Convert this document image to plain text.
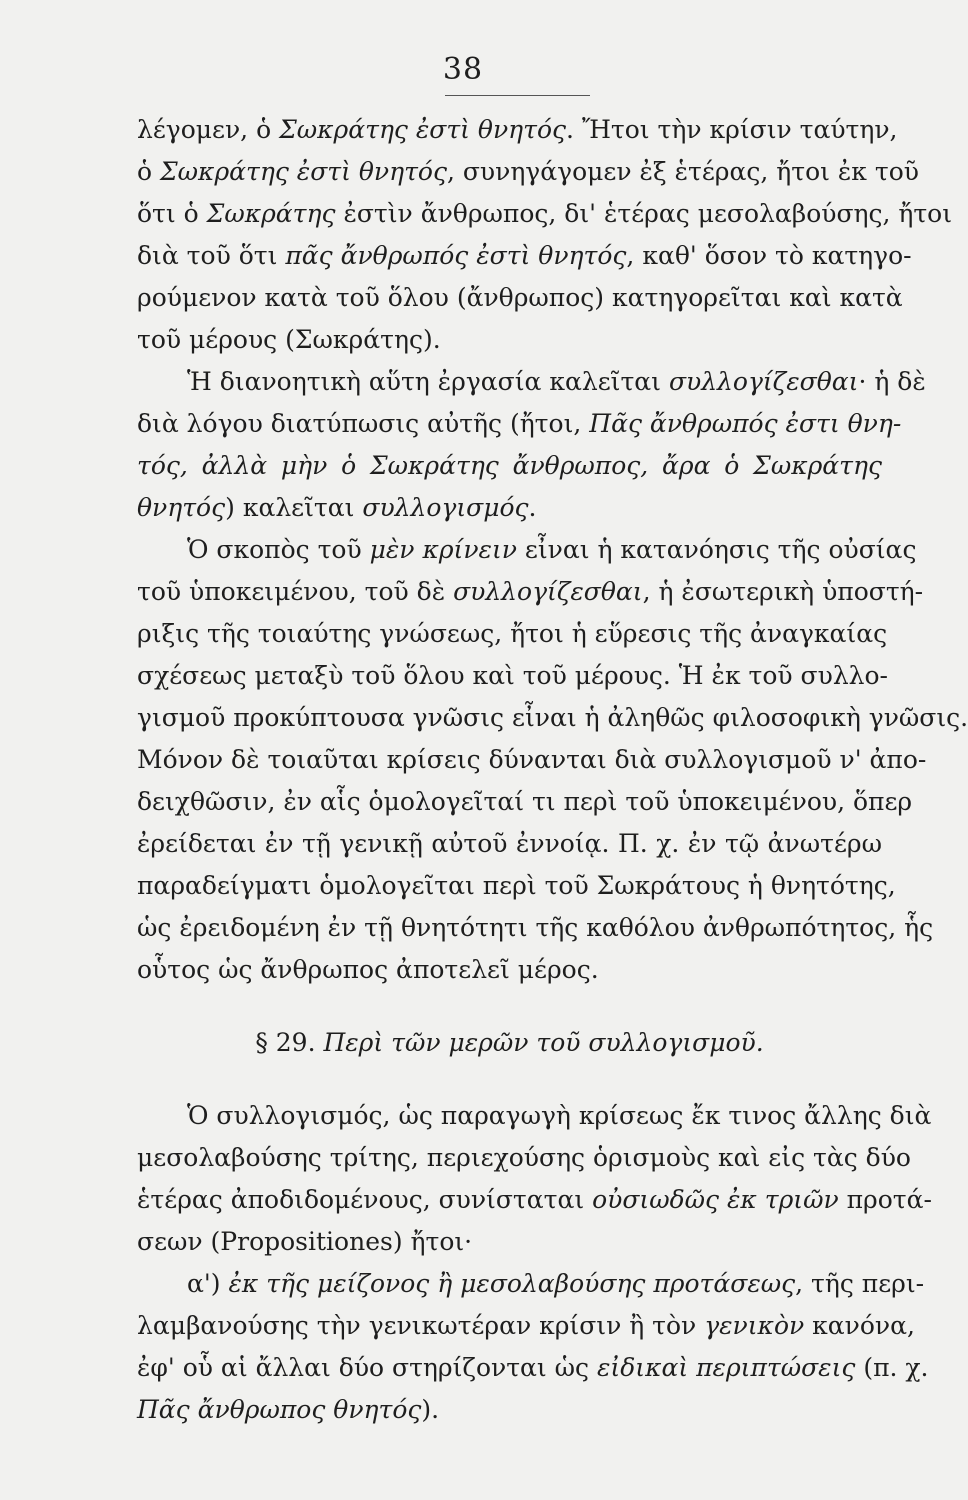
38
λέγομεν, ὁ Σωκράτης ἐστὶ θνητός. Ἤτοι τὴν κρίσιν ταύτην,
ὁ Σωκράτης ἐστὶ θνητός, συνηγάγομεν ἐξ ἑτέρας, ἤτοι ἐκ τοῦ
ὅτι ὁ Σωκράτης ἐστὶν ἄνθρωπος, δι' ἑτέρας μεσολαβούσης, ἤτοι
διὰ τοῦ ὅτι πᾶς ἄνθρωπός ἐστὶ θνητός, καθ' ὅσον τὸ κατηγο-
ρούμενον κατὰ τοῦ ὅλου (ἄνθρωπος) κατηγορεῖται καὶ κατὰ
τοῦ μέρους (Σωκράτης).
  Ἡ διανοητικὴ αὕτη ἐργασία καλεῖται συλλογίζεσθαι· ἡ δὲ
διὰ λόγου διατύπωσις αὐτῆς (ἤτοι, Πᾶς ἄνθρωπός ἐστι θνη-
τός, ἀλλὰ μὴν ὁ Σωκράτης ἄνθρωπος, ἄρα ὁ Σωκράτης
θνητός) καλεῖται συλλογισμός.
  Ὁ σκοπὸς τοῦ μὲν κρίνειν εἶναι ἡ κατανόησις τῆς οὐσίας
τοῦ ὑποκειμένου, τοῦ δὲ συλλογίζεσθαι, ἡ ἐσωτερικὴ ὑποστή-
ριξις τῆς τοιαύτης γνώσεως, ἤτοι ἡ εὕρεσις τῆς ἀναγκαίας
σχέσεως μεταξὺ τοῦ ὅλου καὶ τοῦ μέρους. Ἡ ἐκ τοῦ συλλο-
γισμοῦ προκύπτουσα γνῶσις εἶναι ἡ ἀληθῶς φιλοσοφικὴ γνῶσις.
Μόνον δὲ τοιαῦται κρίσεις δύνανται διὰ συλλογισμοῦ ν' ἀπο-
δειχθῶσιν, ἐν αἷς ὁμολογεῖταί τι περὶ τοῦ ὑποκειμένου, ὅπερ
ἐρείδεται ἐν τῇ γενικῇ αὐτοῦ ἐννοίᾳ. Π. χ. ἐν τῷ ἀνωτέρω
παραδείγματι ὁμολογεῖται περὶ τοῦ Σωκράτους ἡ θνητότης,
ὡς ἐρειδομένη ἐν τῇ θνητότητι τῆς καθόλου ἀνθρωπότητος, ἧς
οὗτος ὡς ἄνθρωπος ἀποτελεῖ μέρος.
§ 29. Περὶ τῶν μερῶν τοῦ συλλογισμοῦ.
  Ὁ συλλογισμός, ὡς παραγωγὴ κρίσεως ἔκ τινος ἄλλης διὰ
μεσολαβούσης τρίτης, περιεχούσης ὁρισμοὺς καὶ εἰς τὰς δύο
ἑτέρας ἀποδιδομένους, συνίσταται οὐσιωδῶς ἐκ τριῶν προτά-
σεων (Propositiones) ἤτοι·
  α') ἐκ τῆς μείζονος ἢ μεσολαβούσης προτάσεως, τῆς περι-
λαμβανούσης τὴν γενικωτέραν κρίσιν ἢ τὸν γενικὸν κανόνα,
ἐφ' οὗ αἱ ἄλλαι δύο στηρίζονται ὡς εἰδικαὶ περιπτώσεις (π. χ.
Πᾶς ἄνθρωπος θνητός).
